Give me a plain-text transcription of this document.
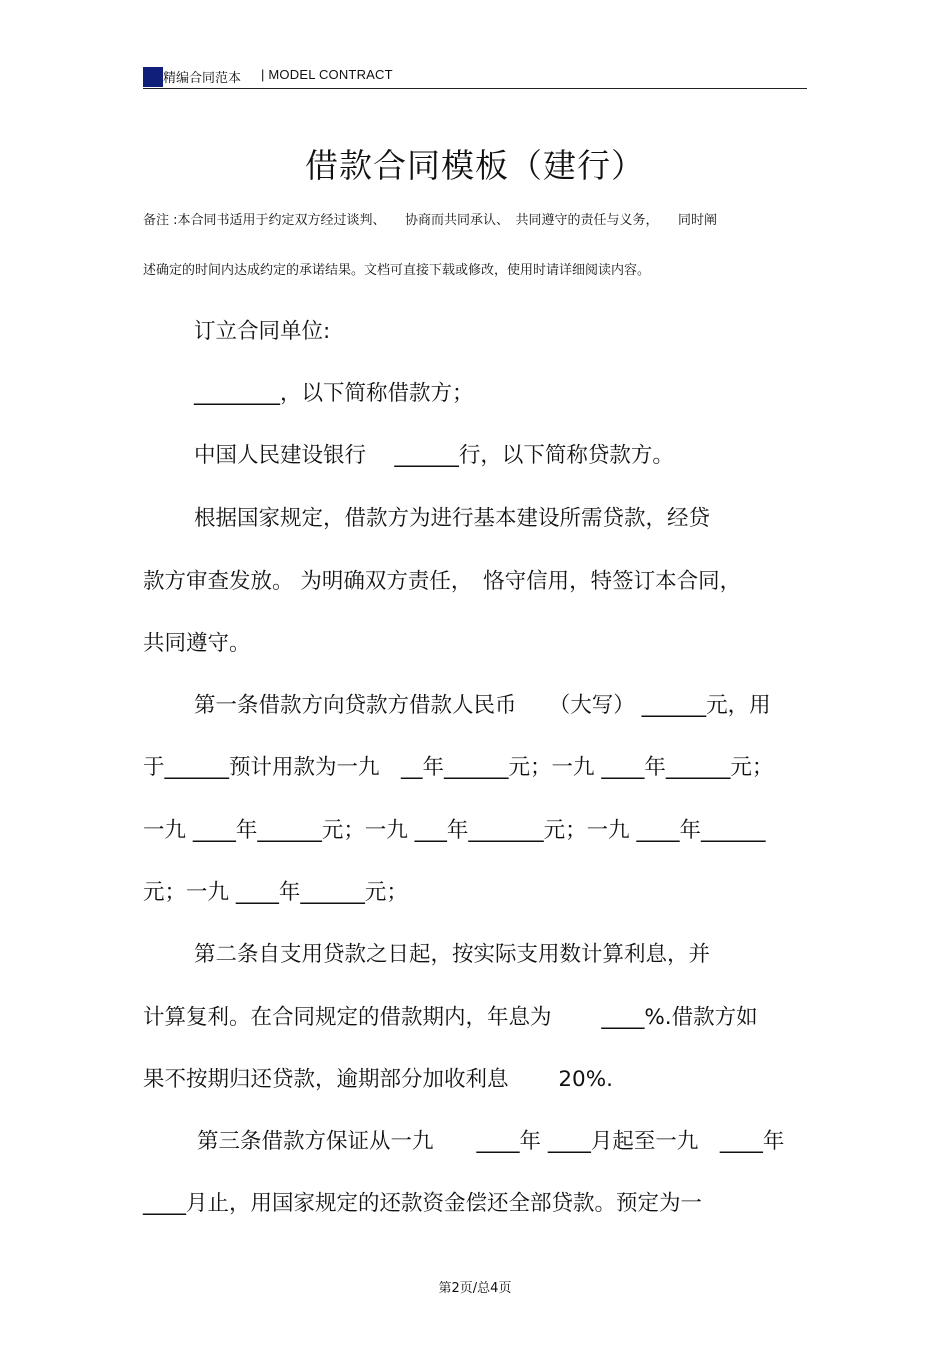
精编合同范本 | MODEL CONTRACT
借款合同模板（建行）
备注 :本合同书适用于约定双方经过谈判、　　协商而共同承认、　共同遵守的责任与义务，　　同时阐
述确定的时间内达成约定的承诺结果。文档可直接下载或修改，使用时请详细阅读内容。
订立合同单位:
________，以下简称借款方；
中国人民建设银行　 ______行，以下简称贷款方。
根据国家规定，借款方为进行基本建设所需贷款，经贷
款方审查发放。 为明确双方责任，　恪守信用，特签订本合同，
共同遵守。
第一条借款方向贷款方借款人民币　　（大写） ______元，用
于______预计用款为一九　__年______元；一九 ____年______元；
一九 ____年______元；一九 ___年_______元；一九 ____年______
元；一九 ____年______元；
第二条自支用贷款之日起，按实际支用数计算利息，并
计算复利。在合同规定的借款期内，年息为　　 ____%.借款方如
果不按期归还贷款，逾期部分加收利息　　 20%.
第三条借款方保证从一九　　____年 ____月起至一九　____年
____月止，用国家规定的还款资金偿还全部贷款。预定为一
第2页/总4页
